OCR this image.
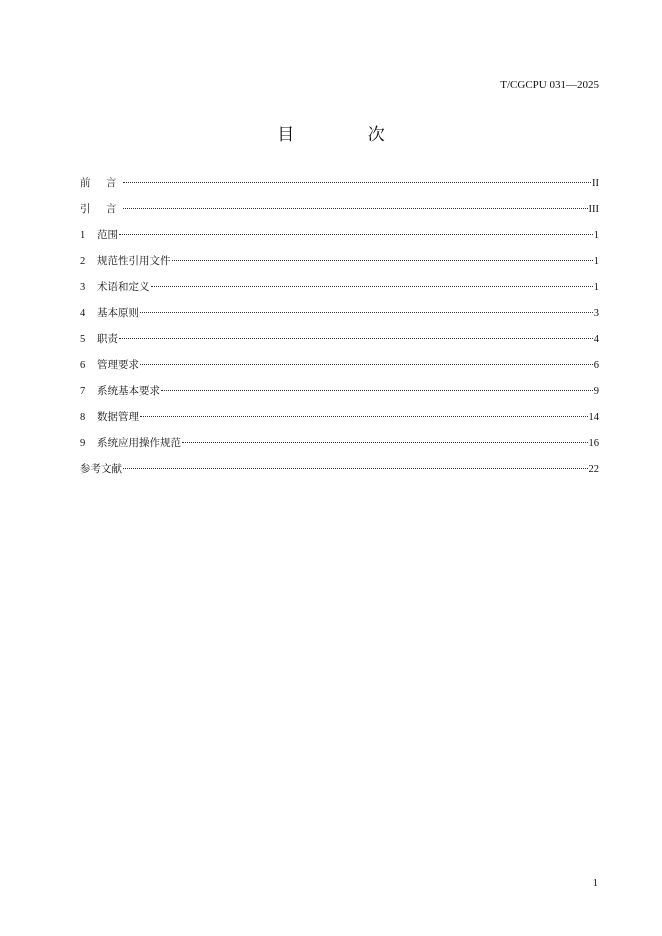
T/CGCPU 031—2025
目 次
前 言	II
引 言	III
1	范围	1
2	规范性引用文件	1
3	术语和定义	1
4	基本原则	3
5	职责	4
6	管理要求	6
7	系统基本要求	9
8	数据管理	14
9	系统应用操作规范	16
参考文献	22
1
